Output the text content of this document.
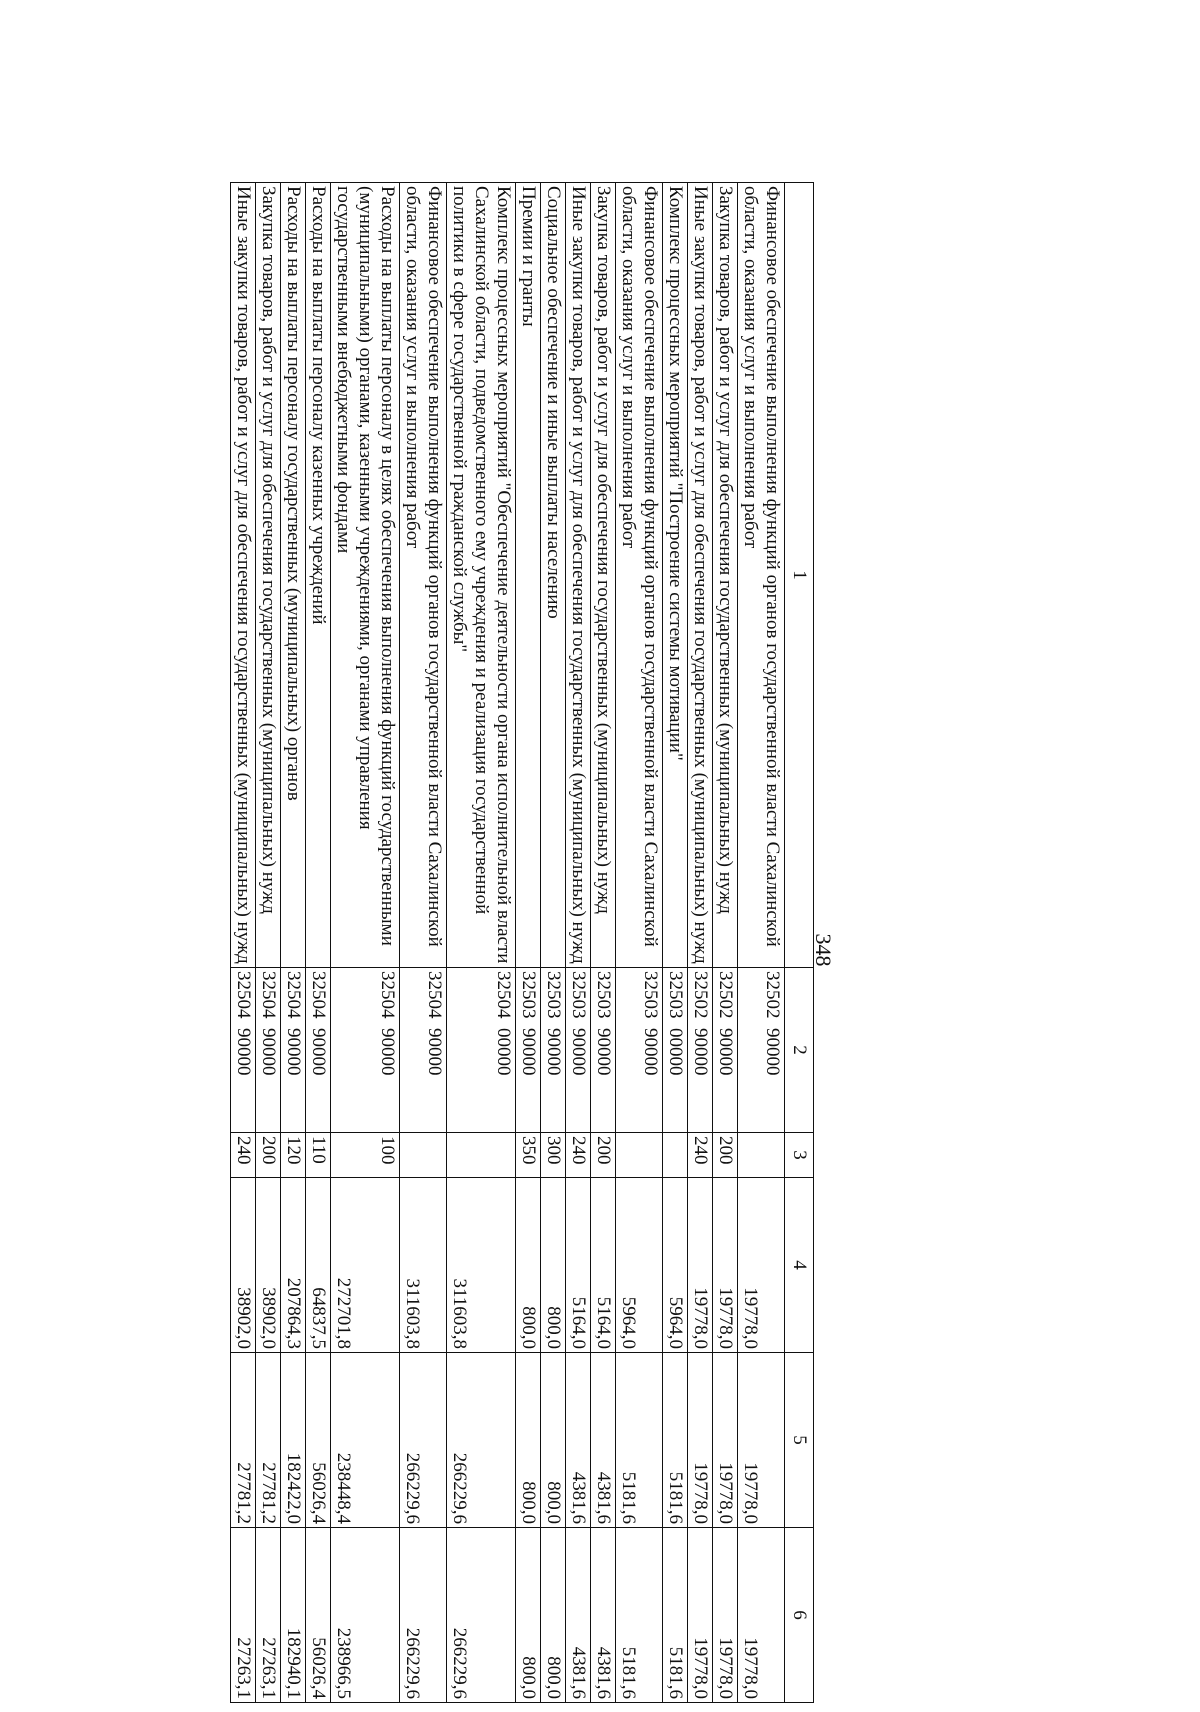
348
1	2	3	4	5	6
Финансовое обеспечение выполнения функций органов государственной власти Сахалинской области, оказания услуг и выполнения работ	32502  90000		19778,0	19778,0	19778,0
Закупка товаров, работ и услуг для обеспечения государственных (муниципальных) нужд	32502  90000	200	19778,0	19778,0	19778,0
Иные закупки товаров, работ и услуг для обеспечения государственных (муниципальных) нужд	32502  90000	240	19778,0	19778,0	19778,0
Комплекс процессных мероприятий "Построение системы мотивации"	32503  00000		5964,0	5181,6	5181,6
Финансовое обеспечение выполнения функций органов государственной власти Сахалинской области, оказания услуг и выполнения работ	32503  90000		5964,0	5181,6	5181,6
Закупка товаров, работ и услуг для обеспечения государственных (муниципальных) нужд	32503  90000	200	5164,0	4381,6	4381,6
Иные закупки товаров, работ и услуг для обеспечения государственных (муниципальных) нужд	32503  90000	240	5164,0	4381,6	4381,6
Социальное обеспечение и иные выплаты населению	32503  90000	300	800,0	800,0	800,0
Премии и гранты	32503  90000	350	800,0	800,0	800,0
Комплекс процессных мероприятий "Обеспечение деятельности органа исполнительной власти Сахалинской области, подведомственного ему учреждения и реализация государственной политики в сфере государственной гражданской службы"	32504  00000		311603,8	266229,6	266229,6
Финансовое обеспечение выполнения функций органов государственной власти Сахалинской области, оказания услуг и выполнения работ	32504  90000		311603,8	266229,6	266229,6
Расходы на выплаты персоналу в целях обеспечения выполнения функций государственными (муниципальными) органами, казенными учреждениями, органами управления государственными внебюджетными фондами	32504  90000	100	272701,8	238448,4	238966,5
Расходы на выплаты персоналу казенных учреждений	32504  90000	110	64837,5	56026,4	56026,4
Расходы на выплаты персоналу государственных (муниципальных) органов	32504  90000	120	207864,3	182422,0	182940,1
Закупка товаров, работ и услуг для обеспечения государственных (муниципальных) нужд	32504  90000	200	38902,0	27781,2	27263,1
Иные закупки товаров, работ и услуг для обеспечения государственных (муниципальных) нужд	32504  90000	240	38902,0	27781,2	27263,1
